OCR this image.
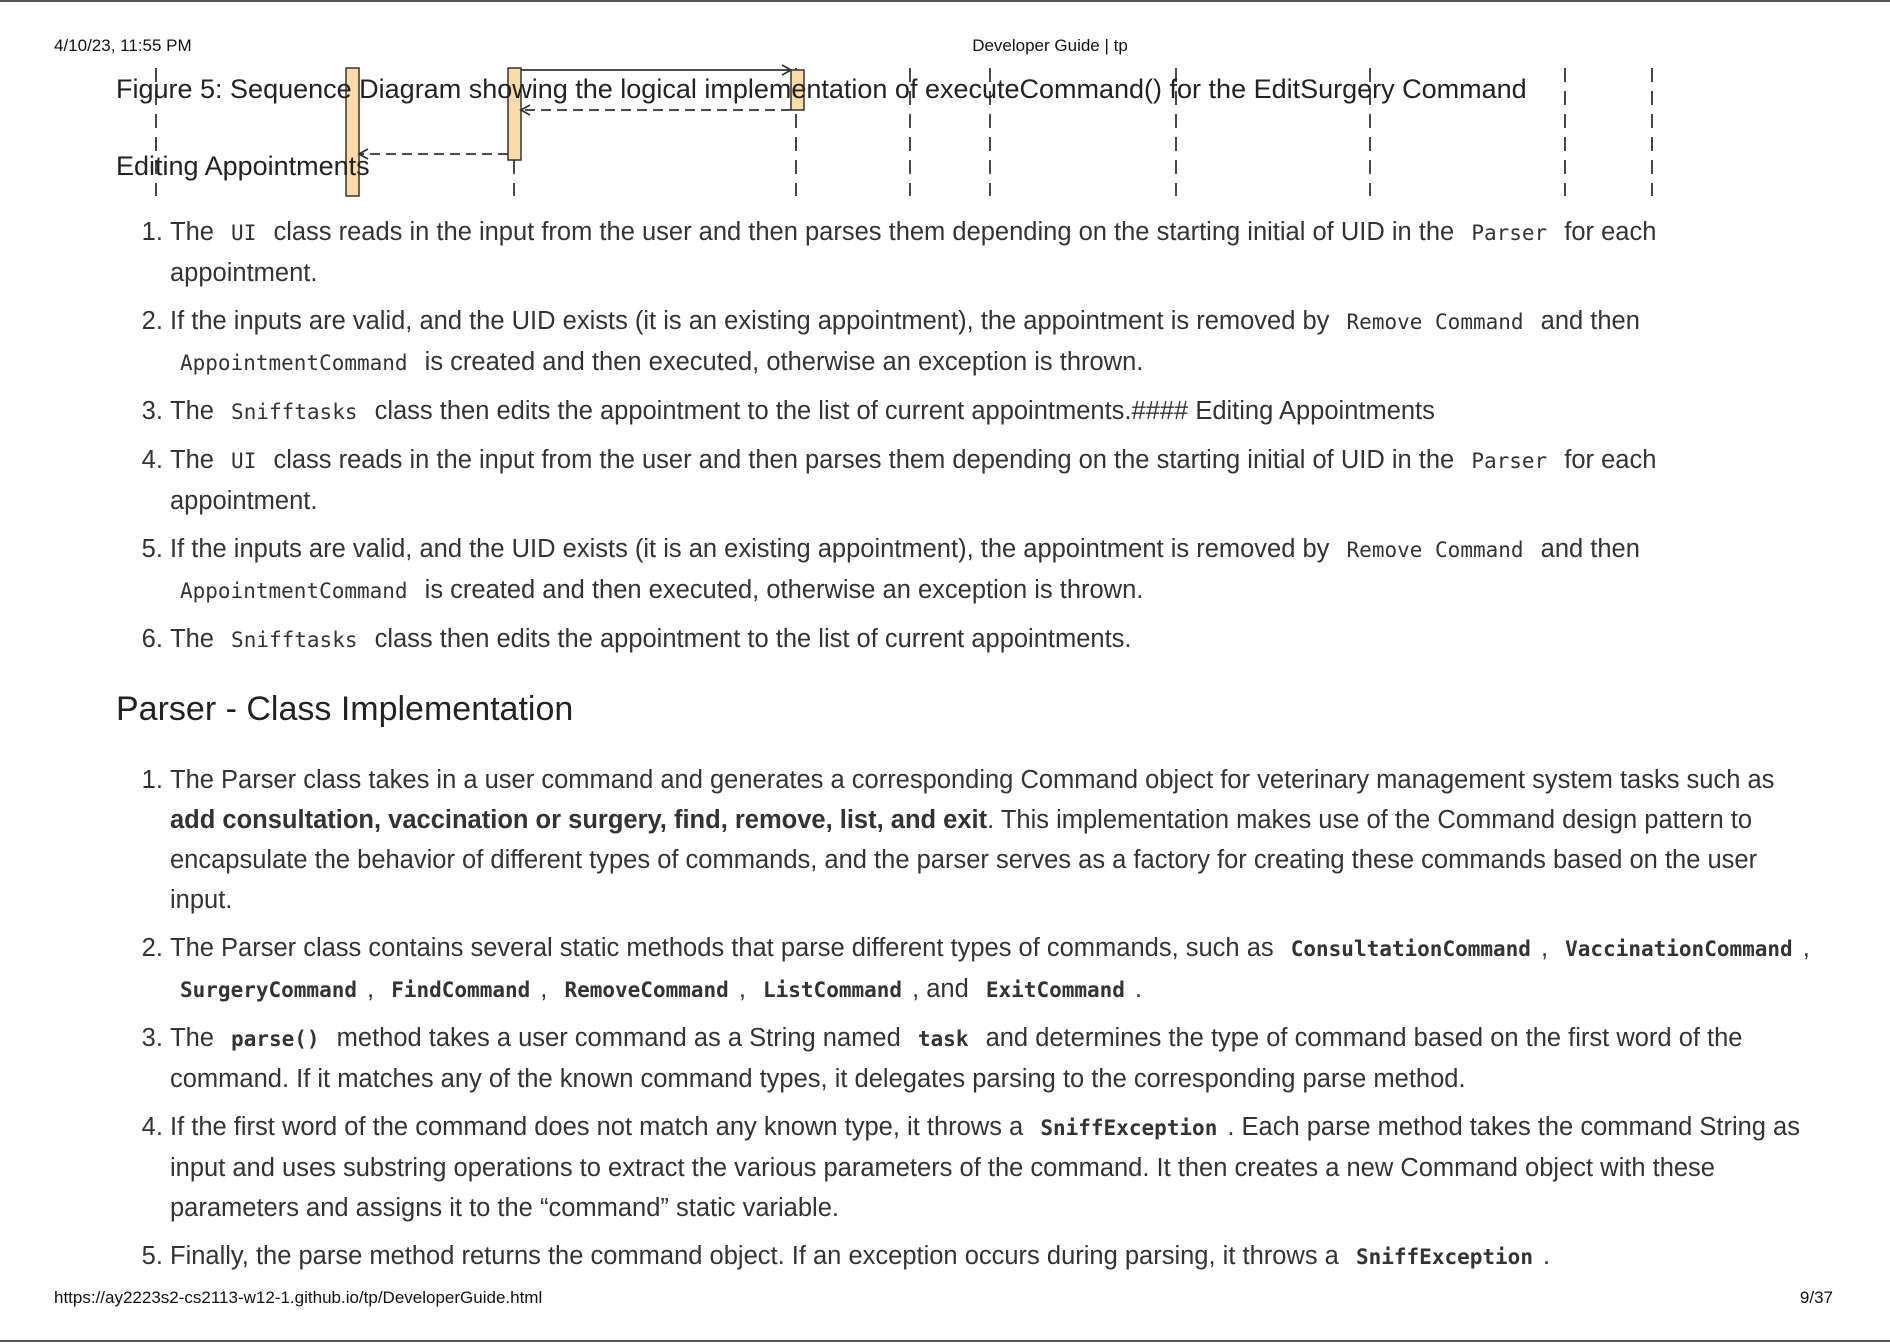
4/10/23, 11:55 PM	Developer Guide | tp
Figure 5: Sequence Diagram showing the logical implementation of executeCommand() for the EditSurgery Command
Editing Appointments
1. The UI class reads in the input from the user and then parses them depending on the starting initial of UID in the Parser for each appointment.
2. If the inputs are valid, and the UID exists (it is an existing appointment), the appointment is removed by Remove Command and then AppointmentCommand is created and then executed, otherwise an exception is thrown.
3. The Snifftasks class then edits the appointment to the list of current appointments.#### Editing Appointments
4. The UI class reads in the input from the user and then parses them depending on the starting initial of UID in the Parser for each appointment.
5. If the inputs are valid, and the UID exists (it is an existing appointment), the appointment is removed by Remove Command and then AppointmentCommand is created and then executed, otherwise an exception is thrown.
6. The Snifftasks class then edits the appointment to the list of current appointments.
Parser - Class Implementation
1. The Parser class takes in a user command and generates a corresponding Command object for veterinary management system tasks such as add consultation, vaccination or surgery, find, remove, list, and exit. This implementation makes use of the Command design pattern to encapsulate the behavior of different types of commands, and the parser serves as a factory for creating these commands based on the user input.
2. The Parser class contains several static methods that parse different types of commands, such as ConsultationCommand , VaccinationCommand , SurgeryCommand , FindCommand , RemoveCommand , ListCommand , and ExitCommand .
3. The parse() method takes a user command as a String named task and determines the type of command based on the first word of the command. If it matches any of the known command types, it delegates parsing to the corresponding parse method.
4. If the first word of the command does not match any known type, it throws a SniffException . Each parse method takes the command String as input and uses substring operations to extract the various parameters of the command. It then creates a new Command object with these parameters and assigns it to the “command” static variable.
5. Finally, the parse method returns the command object. If an exception occurs during parsing, it throws a SniffException .
https://ay2223s2-cs2113-w12-1.github.io/tp/DeveloperGuide.html	9/37
